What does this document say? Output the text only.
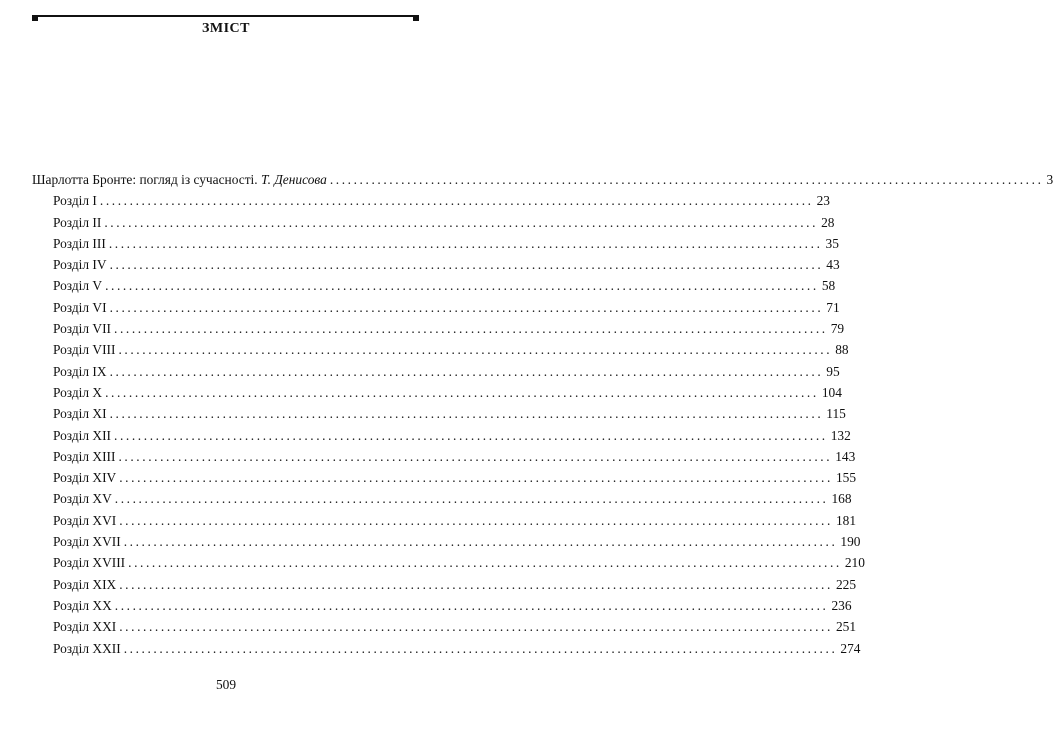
ЗМІСТ
Шарлотта Бронте: погляд із сучасності. Т. Денисова ........................................................................................................................ 3
Розділ I ........................................................................................................................ 23
Розділ II ........................................................................................................................ 28
Розділ III ........................................................................................................................ 35
Розділ IV ........................................................................................................................ 43
Розділ V ........................................................................................................................ 58
Розділ VI ........................................................................................................................ 71
Розділ VII ........................................................................................................................ 79
Розділ VIII ........................................................................................................................ 88
Розділ IX ........................................................................................................................ 95
Розділ X ........................................................................................................................ 104
Розділ XI ........................................................................................................................ 115
Розділ XII ........................................................................................................................ 132
Розділ XIII ........................................................................................................................ 143
Розділ XIV ........................................................................................................................ 155
Розділ XV ........................................................................................................................ 168
Розділ XVI ........................................................................................................................ 181
Розділ XVII ........................................................................................................................ 190
Розділ XVIII ........................................................................................................................ 210
Розділ XIX ........................................................................................................................ 225
Розділ XX ........................................................................................................................ 236
Розділ XXI ........................................................................................................................ 251
Розділ XXII ........................................................................................................................ 274
509
